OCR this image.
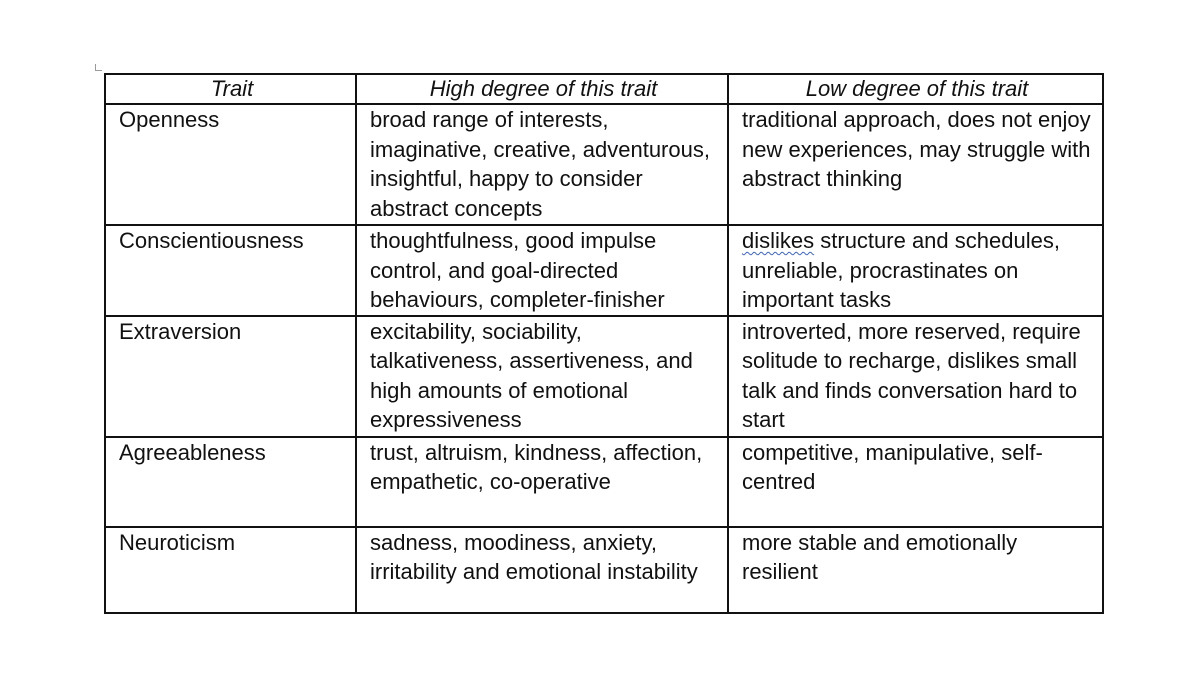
Trait	High degree of this trait	Low degree of this trait
Openness	broad range of interests, imaginative, creative, adventurous, insightful, happy to consider abstract concepts	traditional approach, does not enjoy new experiences, may struggle with abstract thinking
Conscientiousness	thoughtfulness, good impulse control, and goal-directed behaviours, completer-finisher	dislikes structure and schedules, unreliable, procrastinates on important tasks
Extraversion	excitability, sociability, talkativeness, assertiveness, and high amounts of emotional expressiveness	introverted, more reserved, require solitude to recharge, dislikes small talk and finds conversation hard to start
Agreeableness	trust, altruism, kindness, affection, empathetic, co-operative	competitive, manipulative, self-centred
Neuroticism	sadness, moodiness, anxiety, irritability and emotional instability	more stable and emotionally resilient
